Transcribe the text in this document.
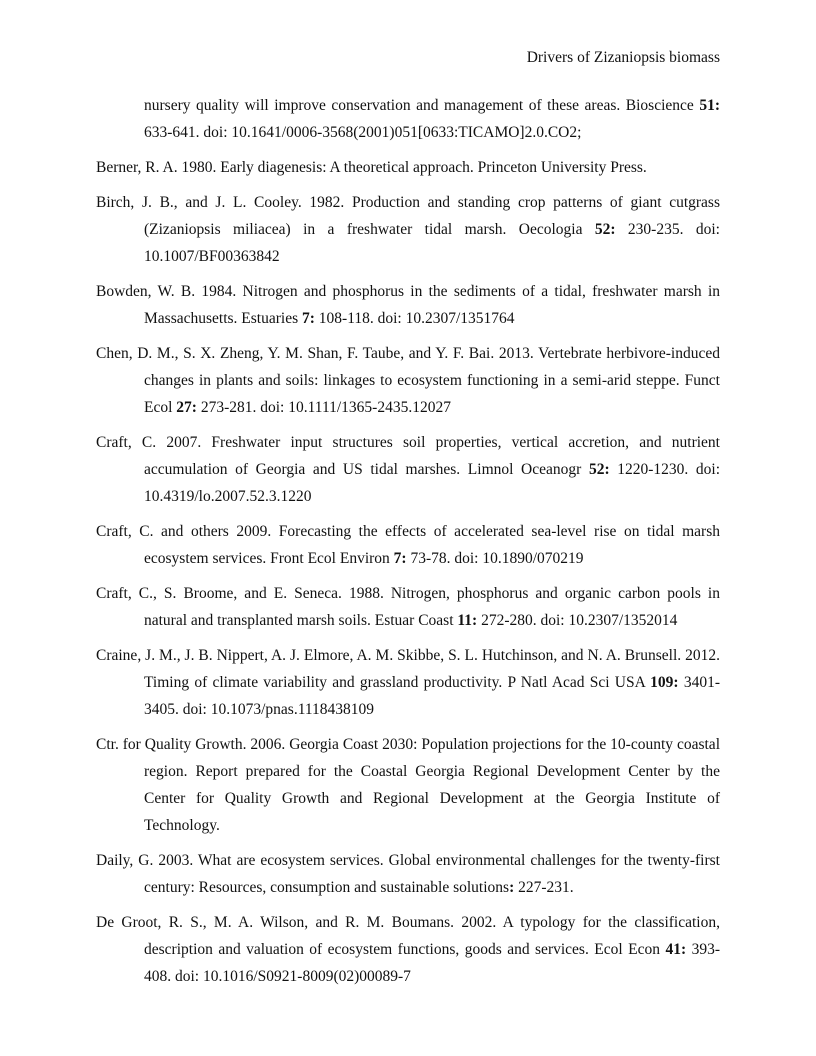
Drivers of Zizaniopsis biomass

nursery quality will improve conservation and management of these areas. Bioscience 51: 633-641. doi: 10.1641/0006-3568(2001)051[0633:TICAMO]2.0.CO2;

Berner, R. A. 1980. Early diagenesis: A theoretical approach. Princeton University Press.

Birch, J. B., and J. L. Cooley. 1982. Production and standing crop patterns of giant cutgrass (Zizaniopsis miliacea) in a freshwater tidal marsh. Oecologia 52: 230-235. doi: 10.1007/BF00363842

Bowden, W. B. 1984. Nitrogen and phosphorus in the sediments of a tidal, freshwater marsh in Massachusetts. Estuaries 7: 108-118. doi: 10.2307/1351764

Chen, D. M., S. X. Zheng, Y. M. Shan, F. Taube, and Y. F. Bai. 2013. Vertebrate herbivore-induced changes in plants and soils: linkages to ecosystem functioning in a semi-arid steppe. Funct Ecol 27: 273-281. doi: 10.1111/1365-2435.12027

Craft, C. 2007. Freshwater input structures soil properties, vertical accretion, and nutrient accumulation of Georgia and US tidal marshes. Limnol Oceanogr 52: 1220-1230. doi: 10.4319/lo.2007.52.3.1220

Craft, C. and others 2009. Forecasting the effects of accelerated sea‐level rise on tidal marsh ecosystem services. Front Ecol Environ 7: 73-78. doi: 10.1890/070219

Craft, C., S. Broome, and E. Seneca. 1988. Nitrogen, phosphorus and organic carbon pools in natural and transplanted marsh soils. Estuar Coast 11: 272-280. doi: 10.2307/1352014

Craine, J. M., J. B. Nippert, A. J. Elmore, A. M. Skibbe, S. L. Hutchinson, and N. A. Brunsell. 2012. Timing of climate variability and grassland productivity. P Natl Acad Sci USA 109: 3401-3405. doi: 10.1073/pnas.1118438109

Ctr. for Quality Growth. 2006. Georgia Coast 2030: Population projections for the 10-county coastal region. Report prepared for the Coastal Georgia Regional Development Center by the Center for Quality Growth and Regional Development at the Georgia Institute of Technology.

Daily, G. 2003. What are ecosystem services. Global environmental challenges for the twenty-first century: Resources, consumption and sustainable solutions: 227-231.

De Groot, R. S., M. A. Wilson, and R. M. Boumans. 2002. A typology for the classification, description and valuation of ecosystem functions, goods and services. Ecol Econ 41: 393-408. doi: 10.1016/S0921-8009(02)00089-7
